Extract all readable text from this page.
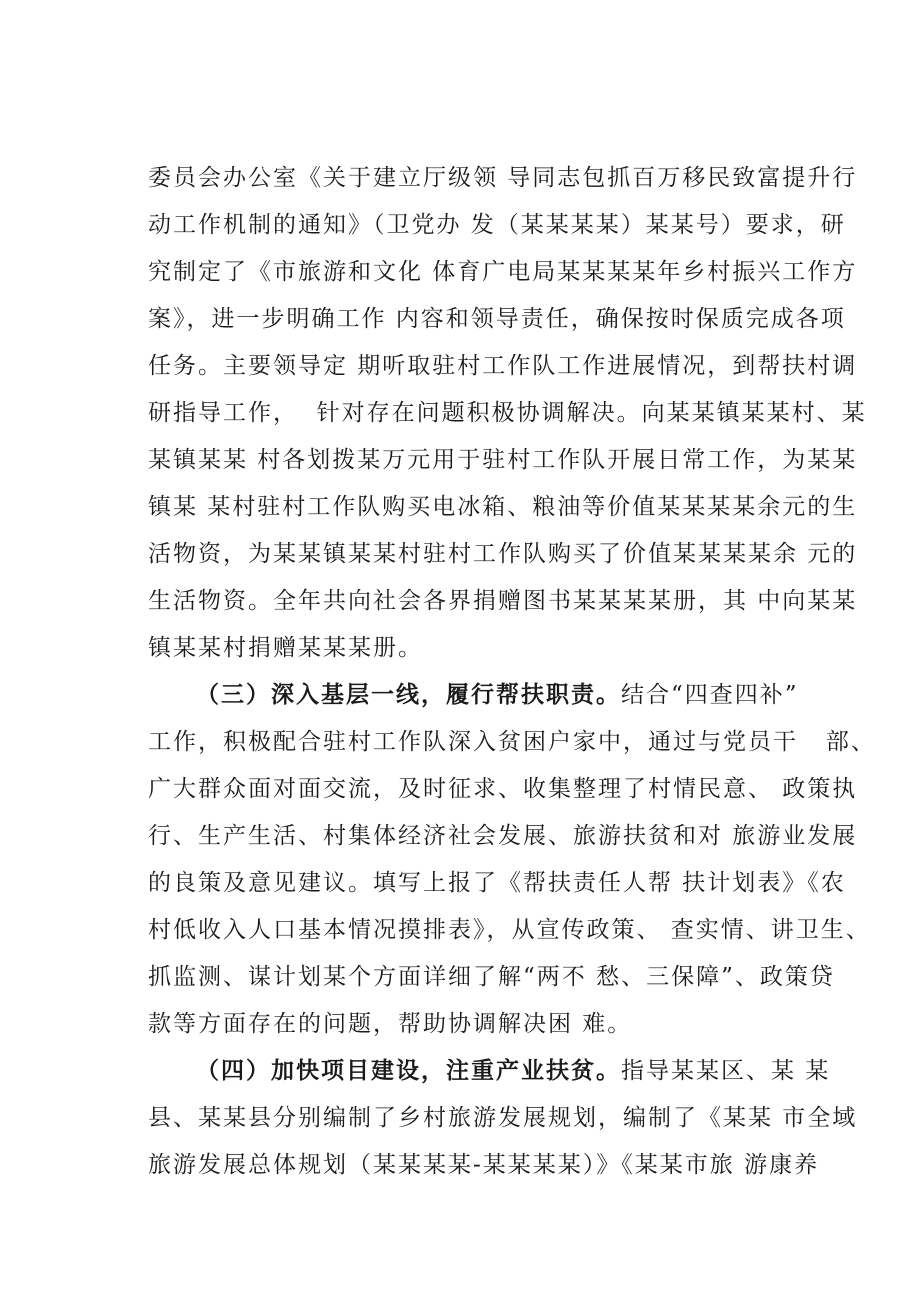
委员会办公室《关于建立厅级领 导同志包抓百万移民致富提升行
动工作机制的通知》（卫党办 发（某某某某）某某号）要求，研
究制定了《市旅游和文化 体育广电局某某某某年乡村振兴工作方
案》，进一步明确工作 内容和领导责任，确保按时保质完成各项
任务。主要领导定 期听取驻村工作队工作进展情况，到帮扶村调
研指导工作，  针对存在问题积极协调解决。向某某镇某某村、某
某镇某某 村各划拨某万元用于驻村工作队开展日常工作，为某某
镇某 某村驻村工作队购买电冰箱、粮油等价值某某某某余元的生
活物资，为某某镇某某村驻村工作队购买了价值某某某某余 元的
生活物资。全年共向社会各界捐赠图书某某某某册，其 中向某某
镇某某村捐赠某某某册。
（三）深入基层一线，履行帮扶职责。结合“四查四补”
工作，积极配合驻村工作队深入贫困户家中，通过与党员干   部、
广大群众面对面交流，及时征求、收集整理了村情民意、 政策执
行、生产生活、村集体经济社会发展、旅游扶贫和对 旅游业发展
的良策及意见建议。填写上报了《帮扶责任人帮 扶计划表》《农
村低收入人口基本情况摸排表》，从宣传政策、 查实情、讲卫生、
抓监测、谋计划某个方面详细了解“两不 愁、三保障”、政策贷
款等方面存在的问题，帮助协调解决困 难。
（四）加快项目建设，注重产业扶贫。指导某某区、某 某
县、某某县分别编制了乡村旅游发展规划，编制了《某某 市全域
旅游发展总体规划（某某某某-某某某某）》《某某市旅 游康养
